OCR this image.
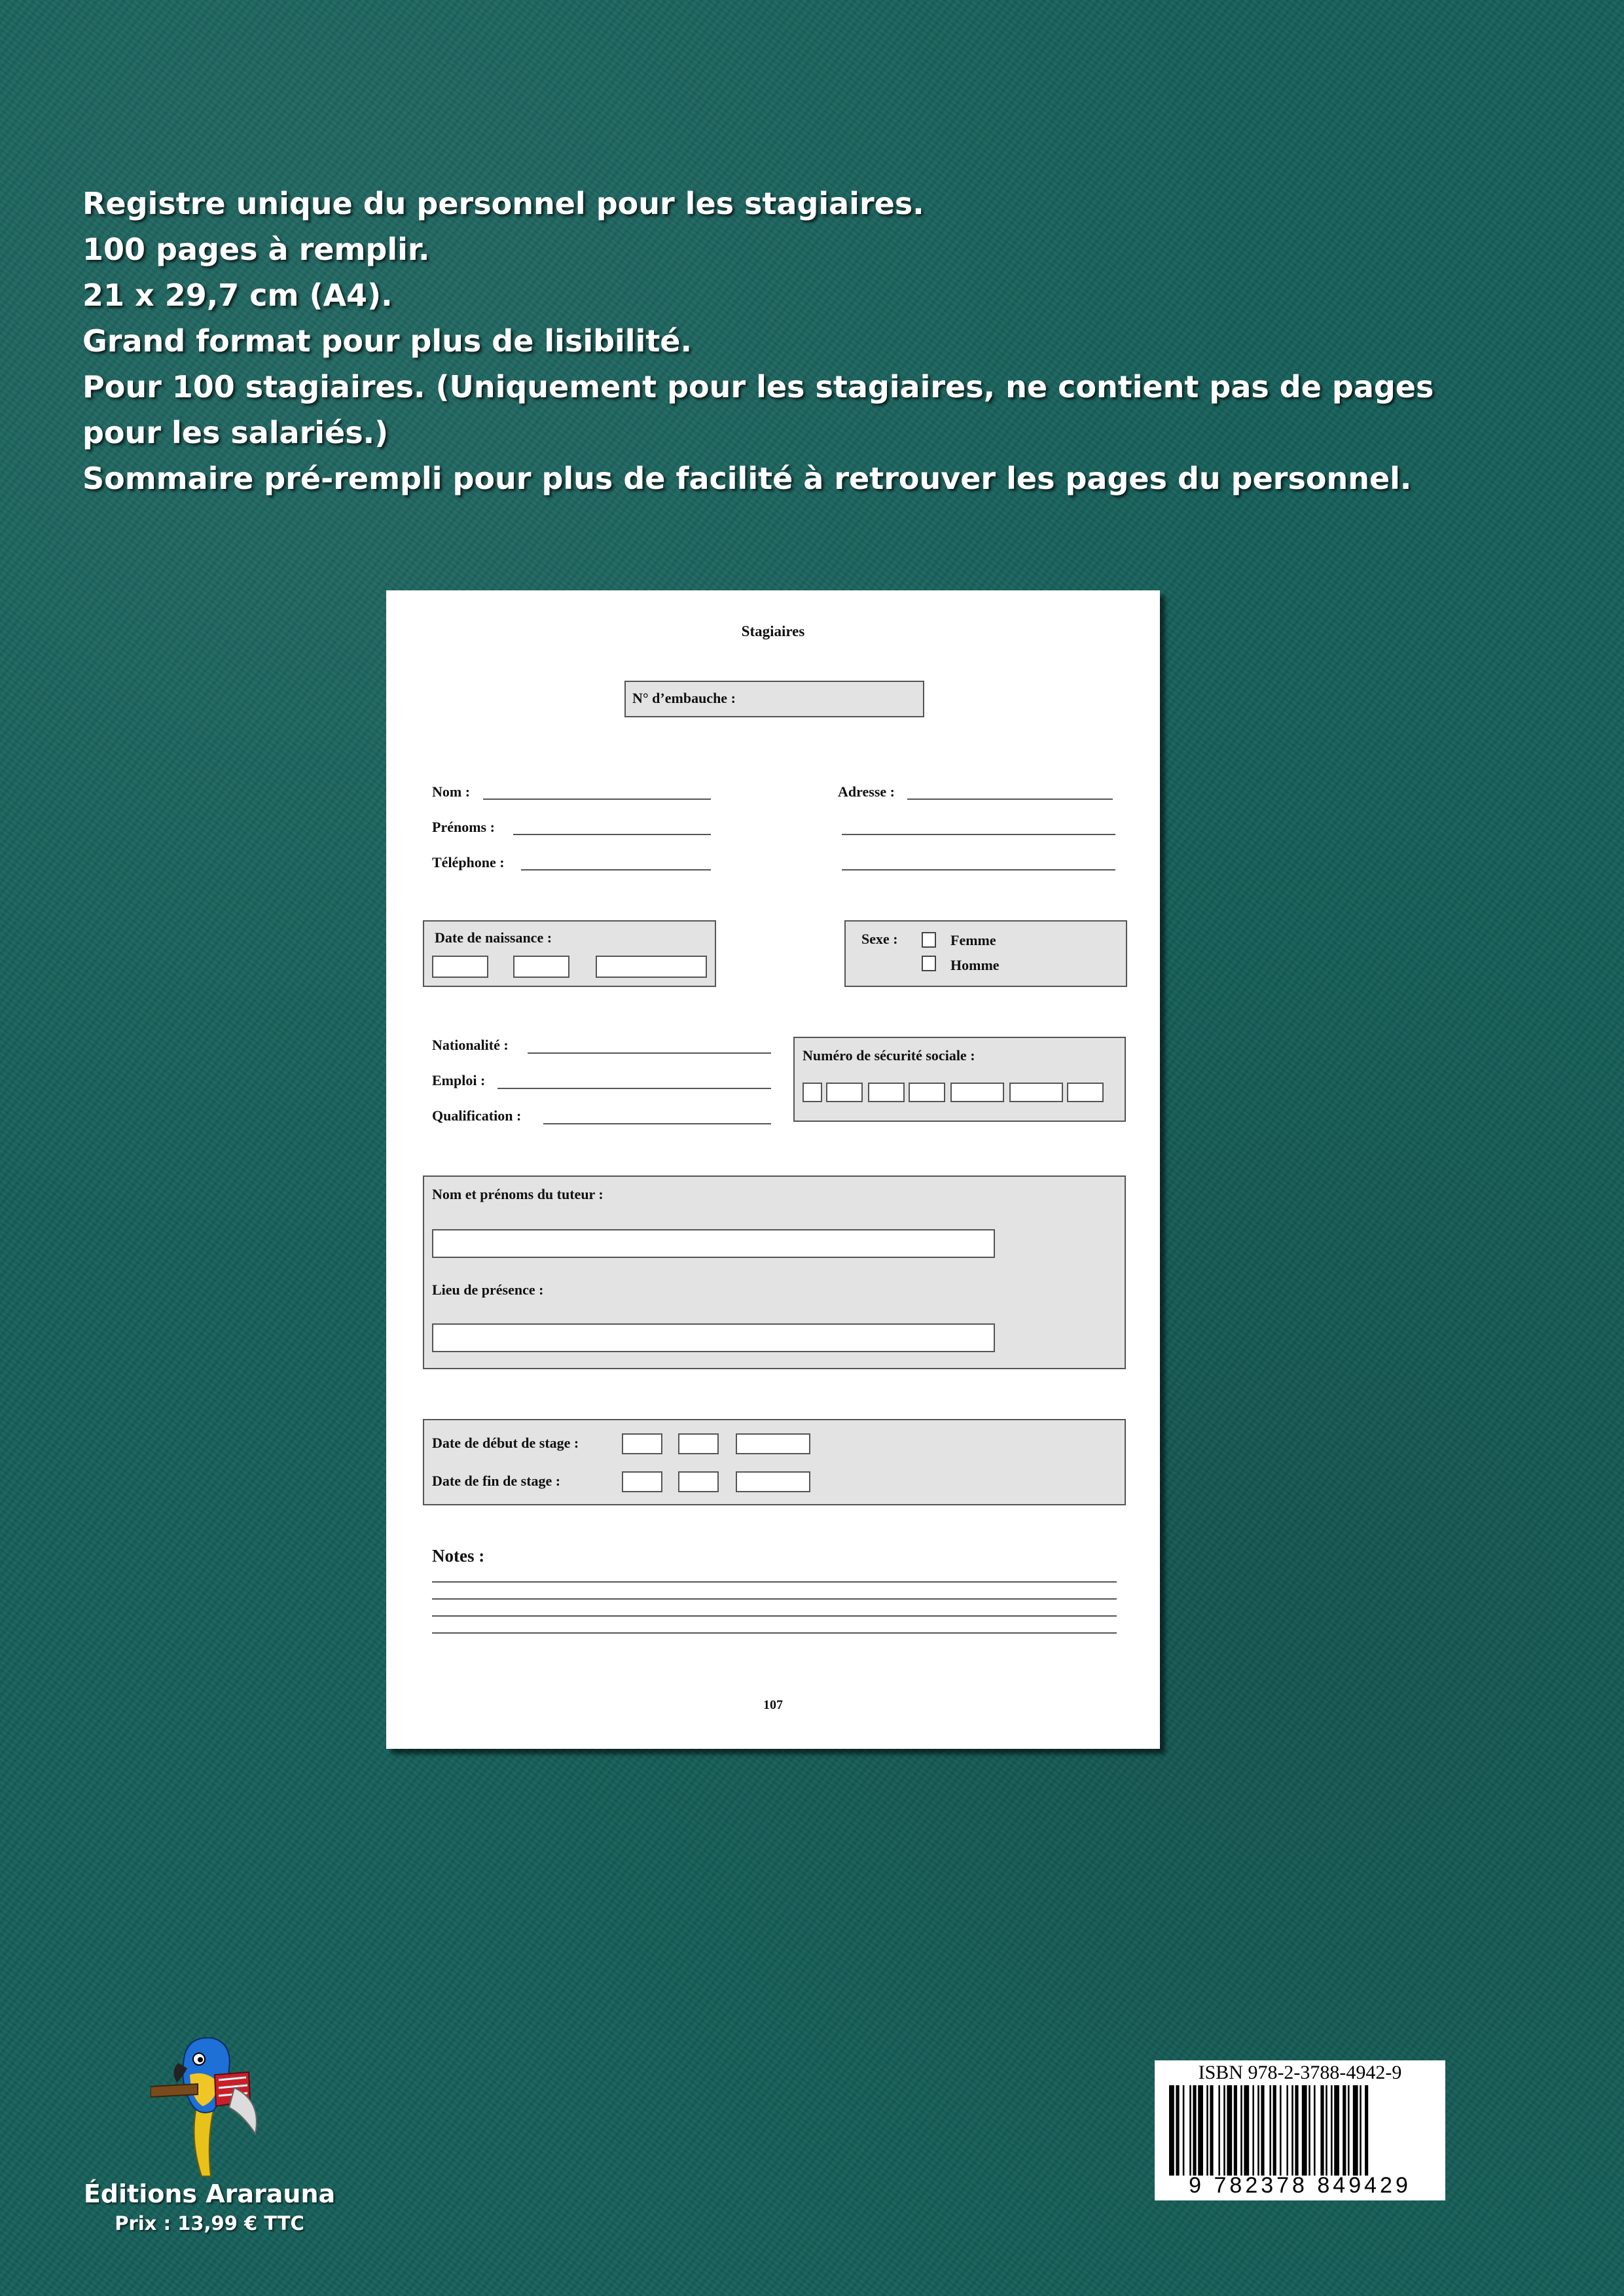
Registre unique du personnel pour les stagiaires.
100 pages à remplir.
21 x 29,7 cm (A4).
Grand format pour plus de lisibilité.
Pour 100 stagiaires. (Uniquement pour les stagiaires, ne contient pas de pages
pour les salariés.)
Sommaire pré-rempli pour plus de facilité à retrouver les pages du personnel.
Stagiaires
N° d’embauche :
Nom :
Prénoms :
Téléphone :
Adresse :
Date de naissance :	Sexe :	Femme
Homme
Nationalité :
Emploi :
Qualification :
Numéro de sécurité sociale :
Nom et prénoms du tuteur :
Lieu de présence :
Date de début de stage :
Date de fin de stage :
Notes :
107
Éditions Ararauna
Prix : 13,99 € TTC
ISBN 978-2-3788-4942-9
9 782378 849429
